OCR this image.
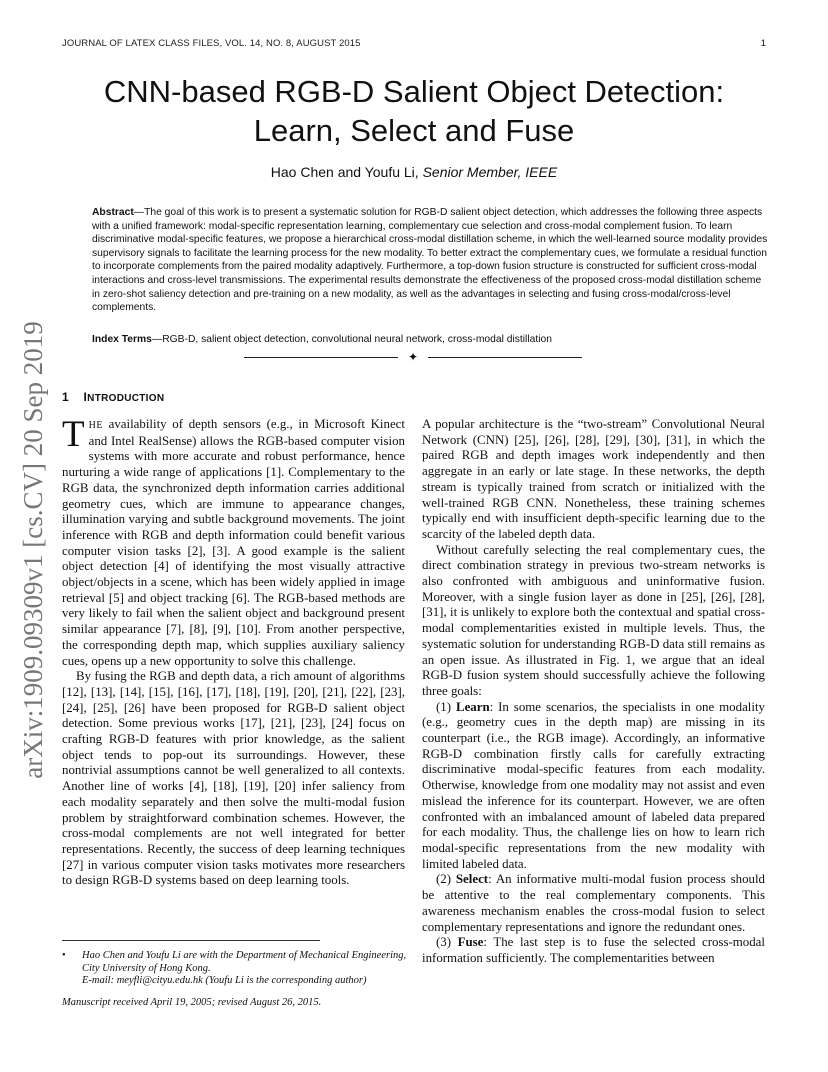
JOURNAL OF LATEX CLASS FILES, VOL. 14, NO. 8, AUGUST 2015	1
CNN-based RGB-D Salient Object Detection:
Learn, Select and Fuse
Hao Chen and Youfu Li, Senior Member, IEEE
Abstract—The goal of this work is to present a systematic solution for RGB-D salient object detection, which addresses the following three aspects with a unified framework: modal-specific representation learning, complementary cue selection and cross-modal complement fusion. To learn discriminative modal-specific features, we propose a hierarchical cross-modal distillation scheme, in which the well-learned source modality provides supervisory signals to facilitate the learning process for the new modality. To better extract the complementary cues, we formulate a residual function to incorporate complements from the paired modality adaptively. Furthermore, a top-down fusion structure is constructed for sufficient cross-modal interactions and cross-level transmissions. The experimental results demonstrate the effectiveness of the proposed cross-modal distillation scheme in zero-shot saliency detection and pre-training on a new modality, as well as the advantages in selecting and fusing cross-modal/cross-level complements.
Index Terms—RGB-D, salient object detection, convolutional neural network, cross-modal distillation
✦
1 INTRODUCTION

THE availability of depth sensors (e.g., in Microsoft Kinect and Intel RealSense) allows the RGB-based computer vision systems with more accurate and robust performance, hence nurturing a wide range of applications [1]. Complementary to the RGB data, the synchronized depth information carries additional geometry cues, which are immune to appearance changes, illumination varying and subtle background movements. The joint inference with RGB and depth information could benefit various computer vision tasks [2], [3]. A good example is the salient object detection [4] of identifying the most visually attractive object/objects in a scene, which has been widely applied in image retrieval [5] and object tracking [6]. The RGB-based methods are very likely to fail when the salient object and background present similar appearance [7], [8], [9], [10]. From another perspective, the corresponding depth map, which supplies auxiliary saliency cues, opens up a new opportunity to solve this challenge.

By fusing the RGB and depth data, a rich amount of algorithms [12], [13], [14], [15], [16], [17], [18], [19], [20], [21], [22], [23], [24], [25], [26] have been proposed for RGB-D salient object detection. Some previous works [17], [21], [23], [24] focus on crafting RGB-D features with prior knowledge, as the salient object tends to pop-out its surroundings. However, these nontrivial assumptions cannot be well generalized to all contexts. Another line of works [4], [18], [19], [20] infer saliency from each modality separately and then solve the multi-modal fusion problem by straightforward combination schemes. However, the cross-modal complements are not well integrated for better representations. Recently, the success of deep learning techniques [27] in various computer vision tasks motivates more researchers to design RGB-D systems based on deep learning tools.

A popular architecture is the “two-stream” Convolutional Neural Network (CNN) [25], [26], [28], [29], [30], [31], in which the paired RGB and depth images work independently and then aggregate in an early or late stage. In these networks, the depth stream is typically trained from scratch or initialized with the well-trained RGB CNN. Nonetheless, these training schemes typically end with insufficient depth-specific learning due to the scarcity of the labeled depth data.

Without carefully selecting the real complementary cues, the direct combination strategy in previous two-stream networks is also confronted with ambiguous and uninformative fusion. Moreover, with a single fusion layer as done in [25], [26], [28], [31], it is unlikely to explore both the contextual and spatial cross-modal complementarities existed in multiple levels. Thus, the systematic solution for understanding RGB-D data still remains as an open issue. As illustrated in Fig. 1, we argue that an ideal RGB-D fusion system should successfully achieve the following three goals:

(1) Learn: In some scenarios, the specialists in one modality (e.g., geometry cues in the depth map) are missing in its counterpart (i.e., the RGB image). Accordingly, an informative RGB-D combination firstly calls for carefully extracting discriminative modal-specific features from each modality. Otherwise, knowledge from one modality may not assist and even mislead the inference for its counterpart. However, we are often confronted with an imbalanced amount of labeled data prepared for each modality. Thus, the challenge lies on how to learn rich modal-specific representations from the new modality with limited labeled data.

(2) Select: An informative multi-modal fusion process should be attentive to the real complementary components. This awareness mechanism enables the cross-modal fusion to select complementary representations and ignore the redundant ones.

(3) Fuse: The last step is to fuse the selected cross-modal information sufficiently. The complementarities between

• Hao Chen and Youfu Li are with the Department of Mechanical Engineering, City University of Hong Kong.
E-mail: meyfli@cityu.edu.hk (Youfu Li is the corresponding author)
Manuscript received April 19, 2005; revised August 26, 2015.
arXiv:1909.09309v1 [cs.CV] 20 Sep 2019
